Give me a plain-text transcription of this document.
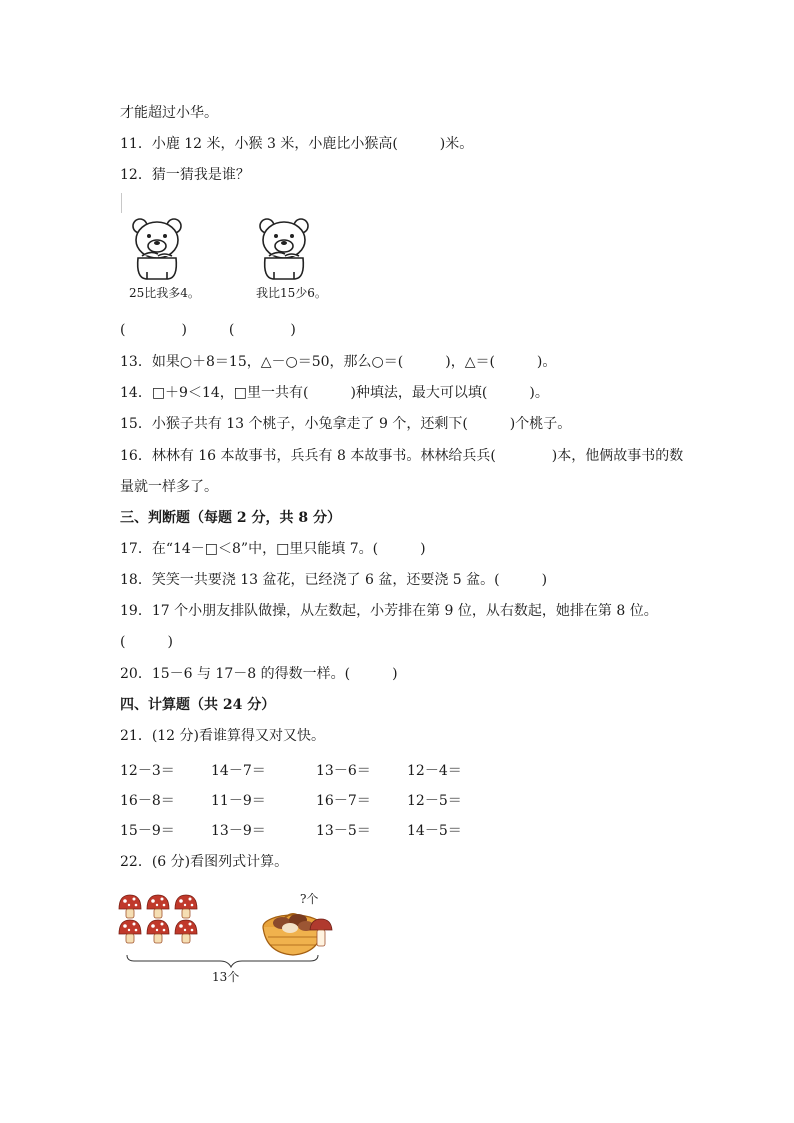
才能超过小华。
11．小鹿 12 米，小猴 3 米，小鹿比小猴高(　　　)米。
12．猜一猜我是谁？
25比我多4。	我比15少6。
(　　　　)　　　(　　　　)
13．如果○＋8＝15，△－○＝50，那么○＝(　　　)，△＝(　　　)。
14．□＋9＜14，□里一共有(　　　)种填法，最大可以填(　　　)。
15．小猴子共有 13 个桃子，小兔拿走了 9 个，还剩下(　　　)个桃子。
16．林林有 16 本故事书，兵兵有 8 本故事书。林林给兵兵(　　　　)本，他俩故事书的数
量就一样多了。
三、判断题（每题 2 分，共 8 分）
17．在“14－□＜8”中，□里只能填 7。(　　　)
18．笑笑一共要浇 13 盆花，已经浇了 6 盆，还要浇 5 盆。(　　　)
19．17 个小朋友排队做操，从左数起，小芳排在第 9 位，从右数起，她排在第 8 位。
(　　　)
20．15－6 与 17－8 的得数一样。(　　　)
四、计算题（共 24 分）
21．(12 分)看谁算得又对又快。
12－3＝	14－7＝	13－6＝	12－4＝
16－8＝	11－9＝	16－7＝	12－5＝
15－9＝	13－9＝	13－5＝	14－5＝
22．(6 分)看图列式计算。
?个
13个
